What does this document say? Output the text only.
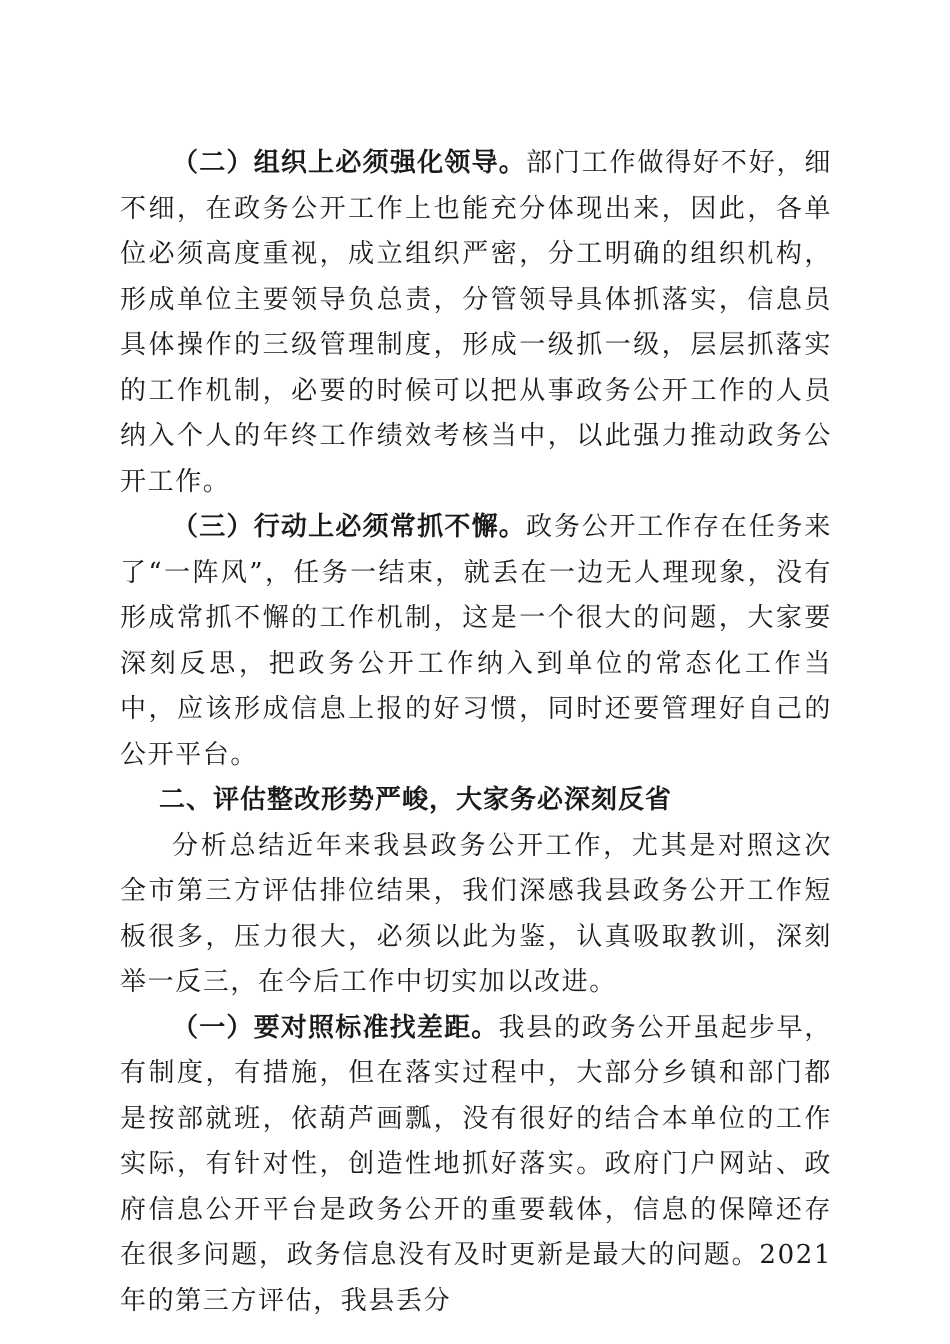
（二）组织上必须强化领导。部门工作做得好不好，细不细，在政务公开工作上也能充分体现出来，因此，各单位必须高度重视，成立组织严密，分工明确的组织机构，形成单位主要领导负总责，分管领导具体抓落实，信息员具体操作的三级管理制度，形成一级抓一级，层层抓落实的工作机制，必要的时候可以把从事政务公开工作的人员纳入个人的年终工作绩效考核当中，以此强力推动政务公开工作。

（三）行动上必须常抓不懈。政务公开工作存在任务来了“一阵风”，任务一结束，就丢在一边无人理现象，没有形成常抓不懈的工作机制，这是一个很大的问题，大家要深刻反思，把政务公开工作纳入到单位的常态化工作当中，应该形成信息上报的好习惯，同时还要管理好自己的公开平台。

二、评估整改形势严峻，大家务必深刻反省

分析总结近年来我县政务公开工作，尤其是对照这次全市第三方评估排位结果，我们深感我县政务公开工作短板很多，压力很大，必须以此为鉴，认真吸取教训，深刻举一反三，在今后工作中切实加以改进。

（一）要对照标准找差距。我县的政务公开虽起步早，有制度，有措施，但在落实过程中，大部分乡镇和部门都是按部就班，依葫芦画瓢，没有很好的结合本单位的工作实际，有针对性，创造性地抓好落实。政府门户网站、政府信息公开平台是政务公开的重要载体，信息的保障还存在很多问题，政务信息没有及时更新是最大的问题。2021 年的第三方评估，我县丢分
